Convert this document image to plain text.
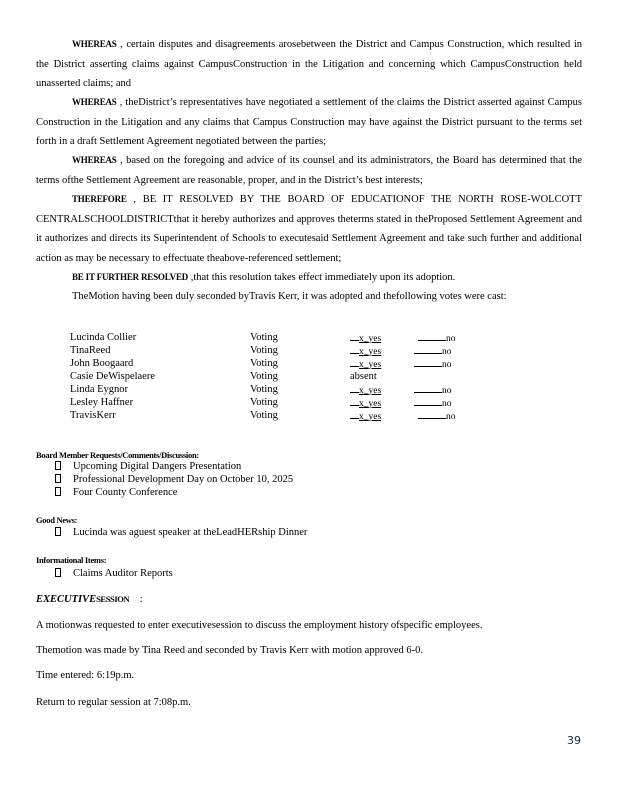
WHEREAS , certain disputes and disagreements arosebetween the District and Campus Construction, which resulted in the District asserting claims against CampusConstruction in the Litigation and concerning which CampusConstruction held unasserted claims; and
WHEREAS , theDistrict’s representatives have negotiated a settlement of the claims the District asserted against Campus Construction in the Litigation and any claims that Campus Construction may have against the District pursuant to the terms set forth in a draft Settlement Agreement negotiated between the parties;
WHEREAS , based on the foregoing and advice of its counsel and its administrators, the Board has determined that the terms ofthe Settlement Agreement are reasonable, proper, and in the District’s best interests;
THEREFORE , BE IT RESOLVED BY THE BOARD OF EDUCATIONOF THE NORTH ROSE-WOLCOTT CENTRALSCHOOLDISTRICTthat it hereby authorizes and approves theterms stated in theProposed Settlement Agreement and it authorizes and directs its Superintendent of Schools to executesaid Settlement Agreement and take such further and additional action as may be necessary to effectuate theabove-referenced settlement;
BE IT FURTHER RESOLVED ,that this resolution takes effect immediately upon its adoption.
TheMotion having been duly seconded byTravis Kerr, it was adopted and thefollowing votes were cast:
Lucinda Collier	Voting	x_yes	no
TinaReed	Voting	x_yes	no
John Boogaard	Voting	x_yes	no
Casie DeWispelaere	Voting	absent
Linda Eygnor	Voting	x_yes	no
Lesley Haffner	Voting	x_yes	no
TravisKerr	Voting	x_yes	no
Board Member Requests/Comments/Discussion:
Upcoming Digital Dangers Presentation
Professional Development Day on October 10, 2025
Four County Conference
Good News:
Lucinda was aguest speaker at theLeadHERship Dinner
Informational Items:
Claims Auditor Reports
EXECUTIVESESSION :
A motionwas requested to enter executivesession to discuss the employment history ofspecific employees.
Themotion was made by Tina Reed and seconded by Travis Kerr with motion approved 6-0.
Time entered: 6:19p.m.
Return to regular session at 7:08p.m.
39
